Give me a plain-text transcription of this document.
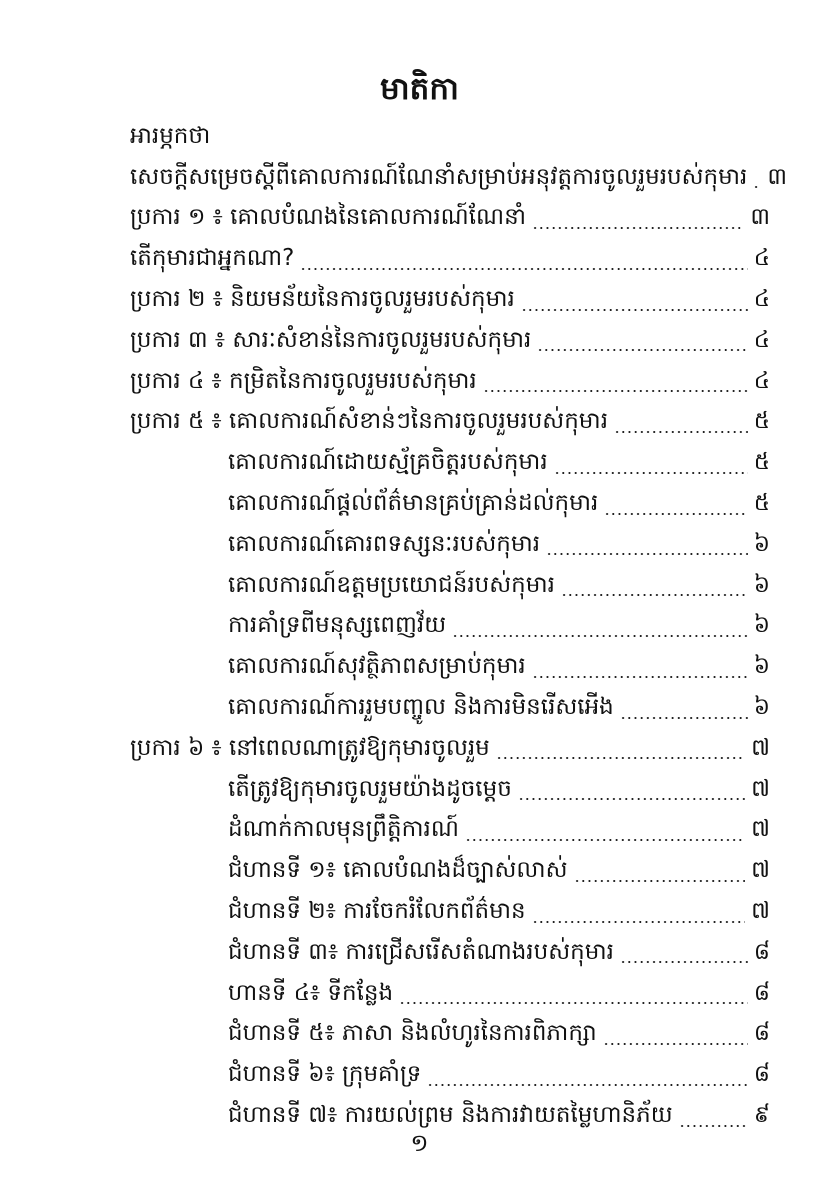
មាតិកា
អារម្ភកថា
សេចក្តីសម្រេចស្តីពីគោលការណ៍ណែនាំសម្រាប់អនុវត្តការចូលរួមរបស់កុមារ ៣
ប្រការ ១ ៖ គោលបំណងនៃគោលការណ៍ណែនាំ	៣
តើកុមារជាអ្នកណា?	៤
ប្រការ ២ ៖ និយមន័យនៃការចូលរួមរបស់កុមារ	៤
ប្រការ ៣ ៖ សារៈសំខាន់នៃការចូលរួមរបស់កុមារ	៤
ប្រការ ៤ ៖ កម្រិតនៃការចូលរួមរបស់កុមារ	៤
ប្រការ ៥ ៖ គោលការណ៍សំខាន់ៗនៃការចូលរួមរបស់កុមារ	៥
គោលការណ៍ដោយស្ម័គ្រចិត្តរបស់កុមារ	៥
គោលការណ៍ផ្តល់ព័ត៌មានគ្រប់គ្រាន់ដល់កុមារ	៥
គោលការណ៍គោរពទស្សនៈរបស់កុមារ	៦
គោលការណ៍ឧត្តមប្រយោជន៍របស់កុមារ	៦
ការគាំទ្រពីមនុស្សពេញវ័យ	៦
គោលការណ៍សុវត្ថិភាពសម្រាប់កុមារ	៦
គោលការណ៍ការរួមបញ្ចូល និងការមិនរើសអើង	៦
ប្រការ ៦ ៖ នៅពេលណាត្រូវឱ្យកុមារចូលរួម	៧
តើត្រូវឱ្យកុមារចូលរួមយ៉ាងដូចម្តេច	៧
ដំណាក់កាលមុនព្រឹត្តិការណ៍	៧
ជំហានទី ១៖ គោលបំណងដ៏ច្បាស់លាស់	៧
ជំហានទី ២៖ ការចែករំលែកព័ត៌មាន	៧
ជំហានទី ៣៖ ការជ្រើសរើសតំណាងរបស់កុមារ	៨
ហានទី ៤៖ ទីកន្លែង	៨
ជំហានទី ៥៖ ភាសា និងលំហូរនៃការពិភាក្សា	៨
ជំហានទី ៦៖ ក្រុមគាំទ្រ	៨
ជំហានទី ៧៖ ការយល់ព្រម និងការវាយតម្លៃហានិភ័យ	៩

១
